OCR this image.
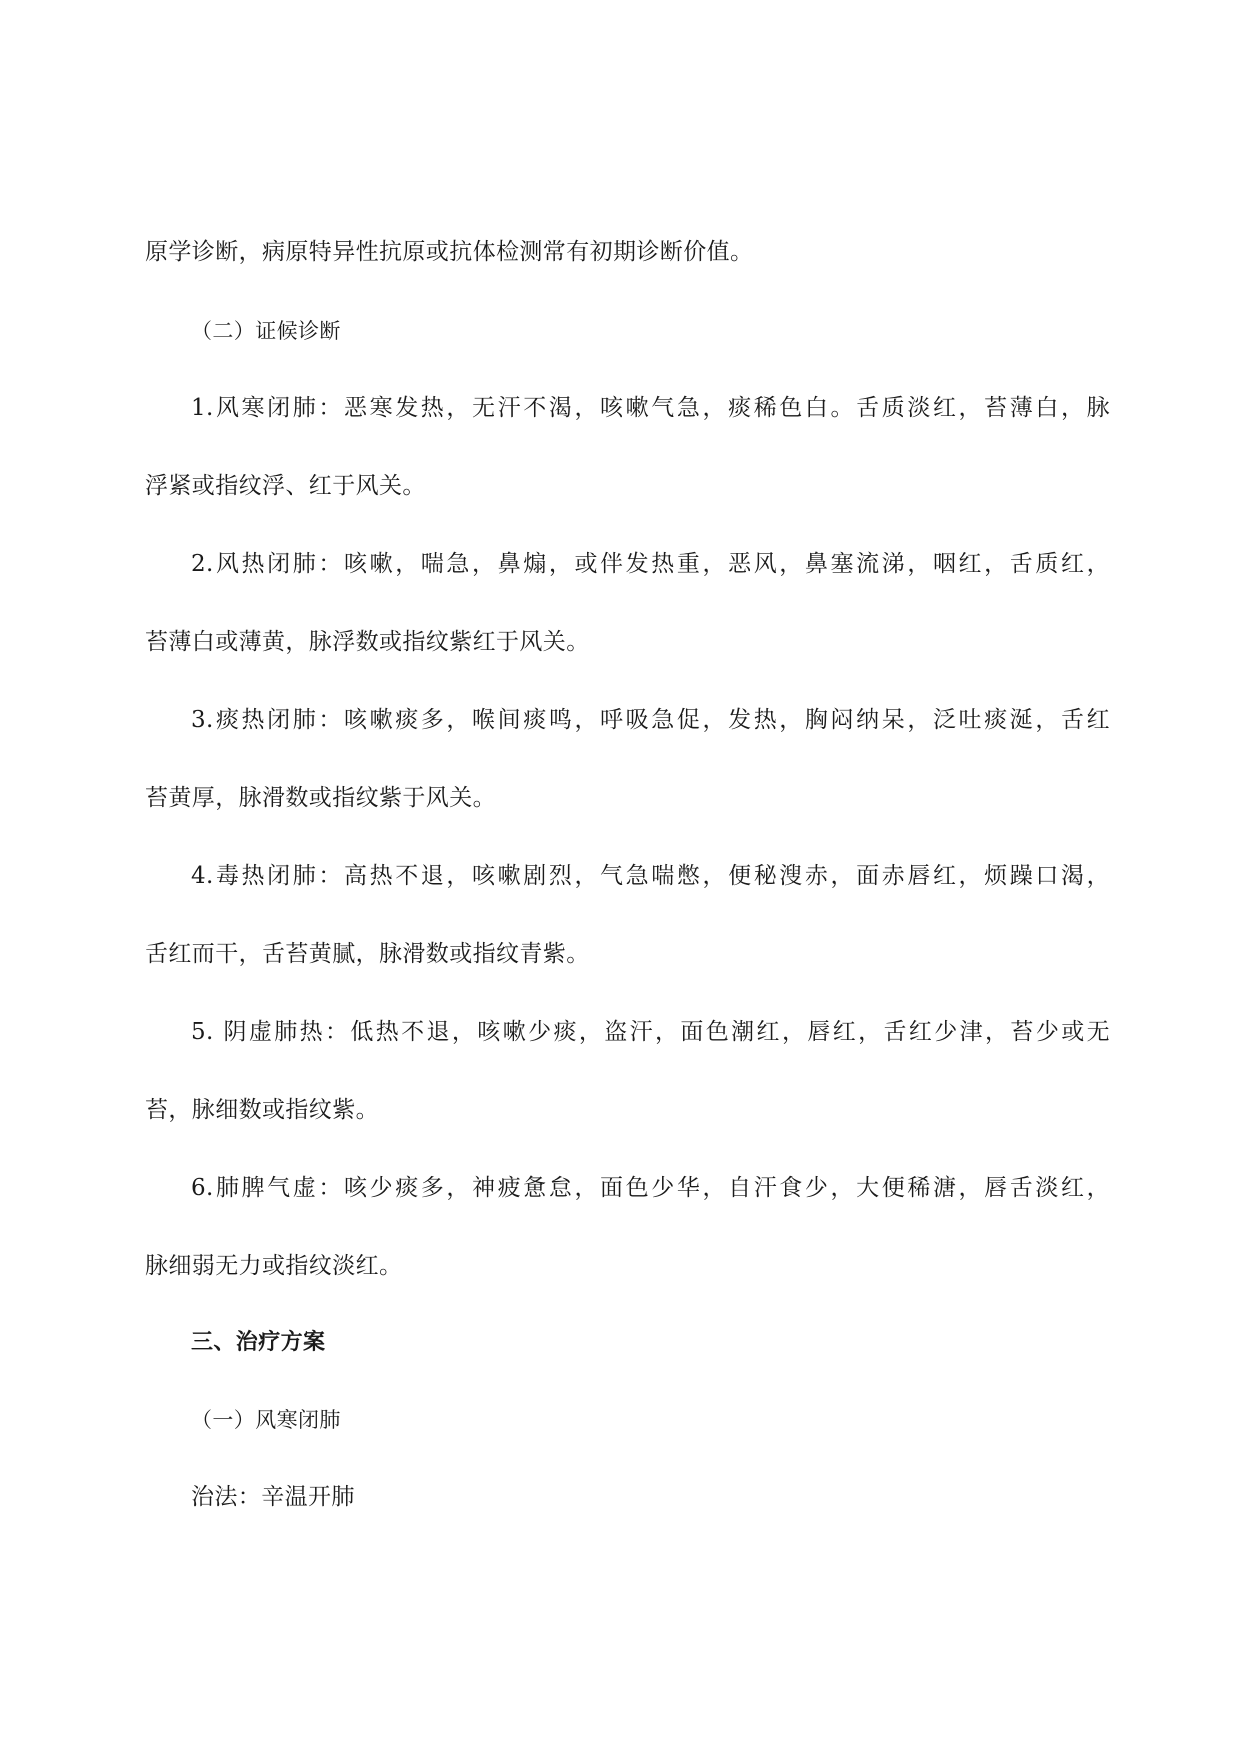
原学诊断，病原特异性抗原或抗体检测常有初期诊断价值。
（二）证候诊断
1.风寒闭肺：恶寒发热，无汗不渴，咳嗽气急，痰稀色白。舌质淡红，苔薄白，脉
浮紧或指纹浮、红于风关。
2.风热闭肺：咳嗽，喘急，鼻煽，或伴发热重，恶风，鼻塞流涕，咽红，舌质红，
苔薄白或薄黄，脉浮数或指纹紫红于风关。
3.痰热闭肺：咳嗽痰多，喉间痰鸣，呼吸急促，发热，胸闷纳呆，泛吐痰涎，舌红
苔黄厚，脉滑数或指纹紫于风关。
4.毒热闭肺：高热不退，咳嗽剧烈，气急喘憋，便秘溲赤，面赤唇红，烦躁口渴，
舌红而干，舌苔黄腻，脉滑数或指纹青紫。
5. 阴虚肺热：低热不退，咳嗽少痰，盗汗，面色潮红，唇红，舌红少津，苔少或无
苔，脉细数或指纹紫。
6.肺脾气虚：咳少痰多，神疲惫怠，面色少华，自汗食少，大便稀溏，唇舌淡红，
脉细弱无力或指纹淡红。
三、治疗方案
（一）风寒闭肺
治法：辛温开肺
